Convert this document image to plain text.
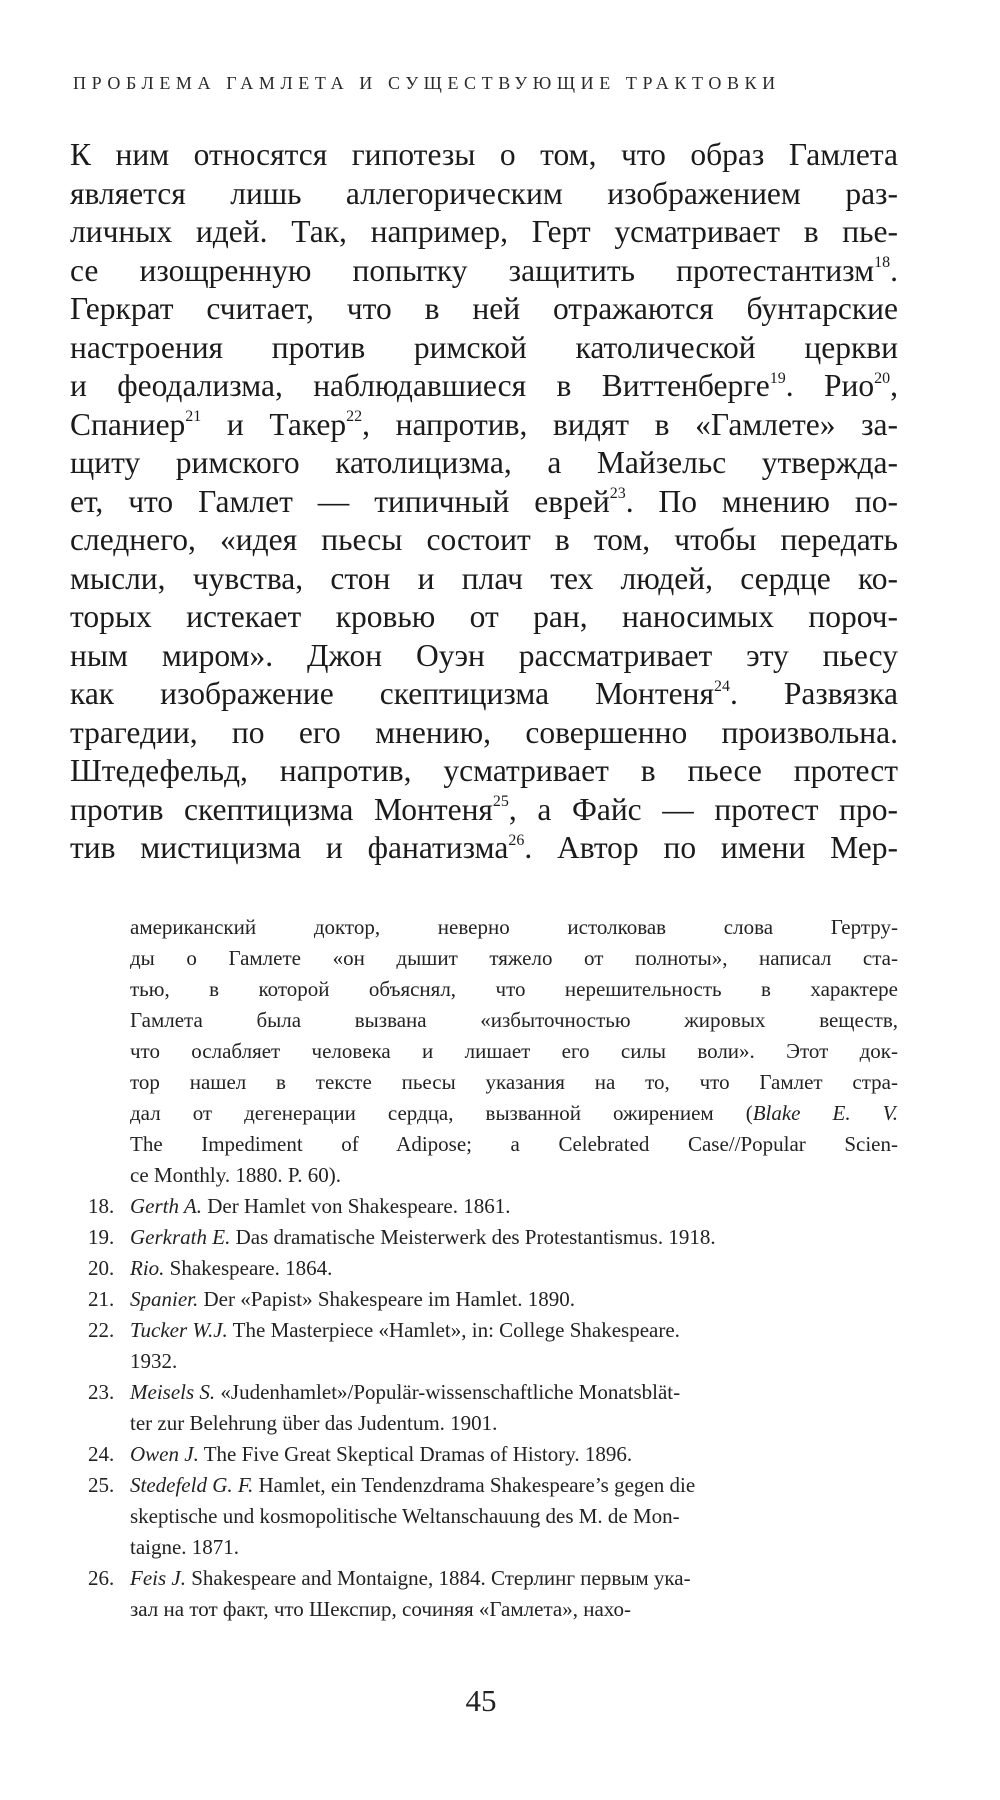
ПРОБЛЕМА ГАМЛЕТА И СУЩЕСТВУЮЩИЕ ТРАКТОВКИ
К ним относятся гипотезы о том, что образ Гамлета
является лишь аллегорическим изображением раз-
личных идей. Так, например, Герт усматривает в пье-
се изощренную попытку защитить протестантизм$^{18}$.
Геркрат считает, что в ней отражаются бунтарские
настроения против римской католической церкви
и феодализма, наблюдавшиеся в Виттенберге$^{19}$. Рио$^{20}$,
Спаниер$^{21}$ и Такер$^{22}$, напротив, видят в «Гамлете» за-
щиту римского католицизма, а Майзельс утвержда-
ет, что Гамлет — типичный еврей$^{23}$. По мнению по-
следнего, «идея пьесы состоит в том, чтобы передать
мысли, чувства, стон и плач тех людей, сердце ко-
торых истекает кровью от ран, наносимых пороч-
ным миром». Джон Оуэн рассматривает эту пьесу
как изображение скептицизма Монтеня$^{24}$. Развязка
трагедии, по его мнению, совершенно произвольна.
Штедефельд, напротив, усматривает в пьесе протест
против скептицизма Монтеня$^{25}$, а Файс — протест про-
тив мистицизма и фанатизма$^{26}$. Автор по имени Мер-
американский доктор, неверно истолковав слова Гертру-
ды о Гамлете «он дышит тяжело от полноты», написал ста-
тью, в которой объяснял, что нерешительность в характере
Гамлета была вызвана «избыточностью жировых веществ,
что ослабляет человека и лишает его силы воли». Этот док-
тор нашел в тексте пьесы указания на то, что Гамлет стра-
дал от дегенерации сердца, вызванной ожирением (Blake E. V.
The Impediment of Adipose; a Celebrated Case//Popular Scien-
ce Monthly. 1880. P. 60).
18. Gerth A. Der Hamlet von Shakespeare. 1861.
19. Gerkrath E. Das dramatische Meisterwerk des Protestantismus. 1918.
20. Rio. Shakespeare. 1864.
21. Spanier. Der «Papist» Shakespeare im Hamlet. 1890.
22. Tucker W.J. The Masterpiece «Hamlet», in: College Shakespeare.
1932.
23. Meisels S. «Judenhamlet»/Populär-wissenschaftliche Monatsblät-
ter zur Belehrung über das Judentum. 1901.
24. Owen J. The Five Great Skeptical Dramas of History. 1896.
25. Stedefeld G. F. Hamlet, ein Tendenzdrama Shakespeare’s gegen die
skeptische und kosmopolitische Weltanschauung des M. de Mon-
taigne. 1871.
26. Feis J. Shakespeare and Montaigne, 1884. Стерлинг первым ука-
зал на тот факт, что Шекспир, сочиняя «Гамлета», нахо-
45
